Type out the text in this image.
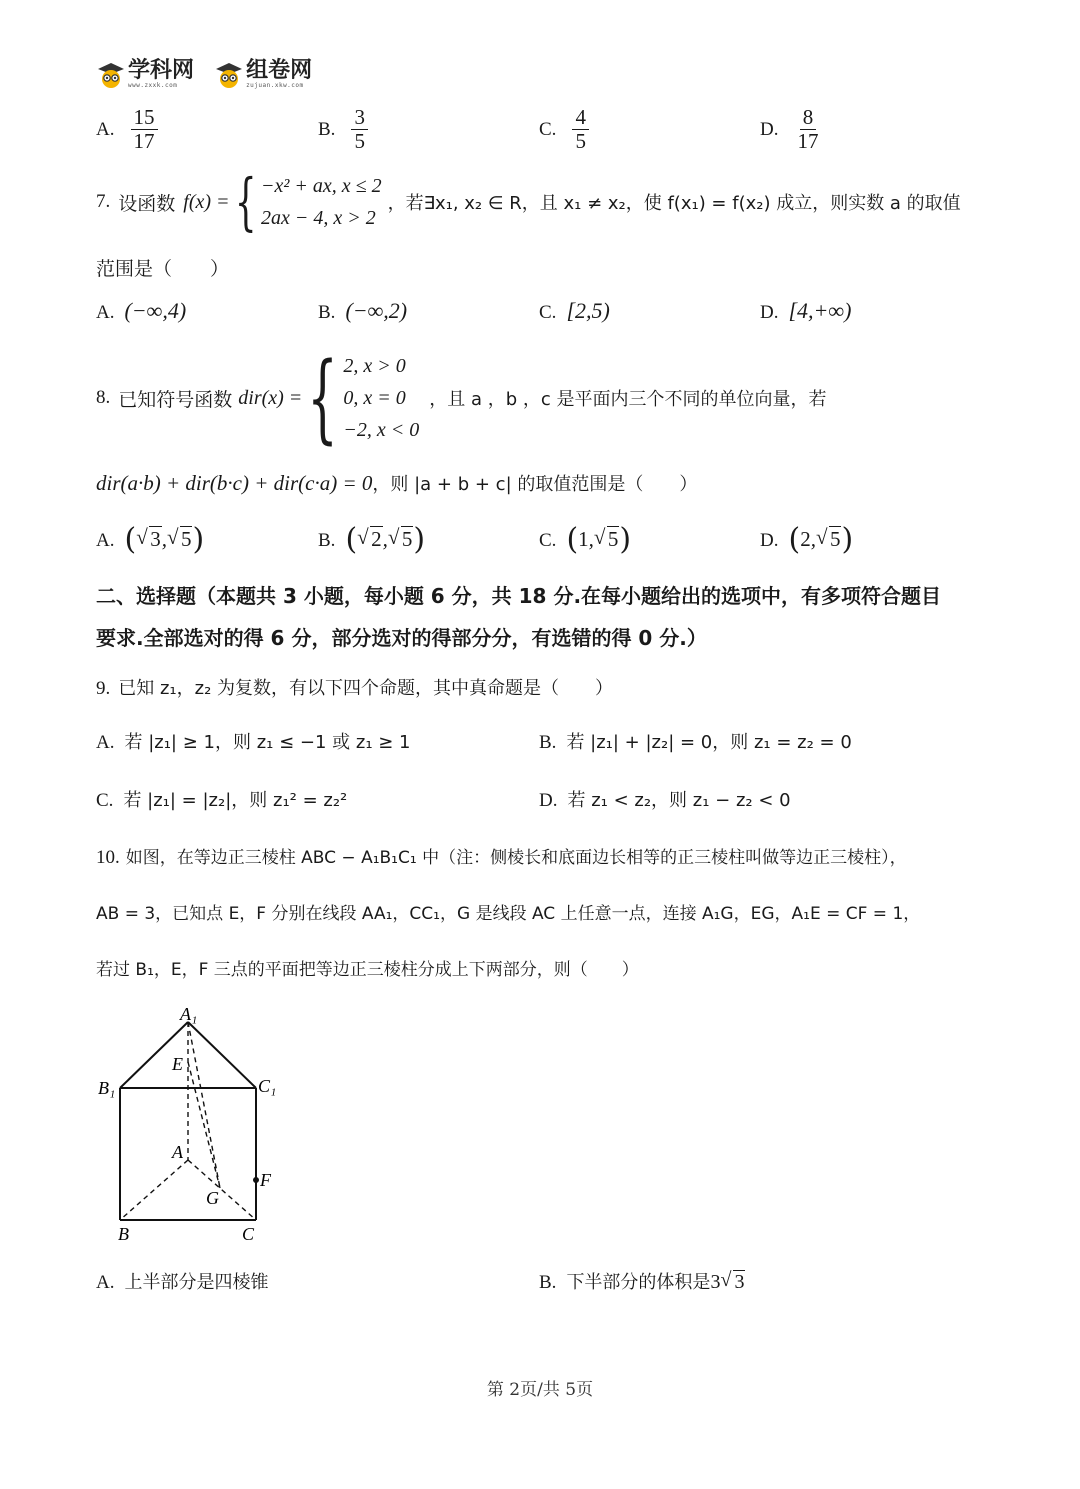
学科网
www.zxxk.com

组卷网
zujuan.xkw.com
A. $\frac{15}{17}$	B. $\frac{3}{5}$	C. $\frac{4}{5}$	D. $\frac{8}{17}$
7. 设函数 f(x) = { −x² + ax, x ≤ 2
2ax − 4, x > 2
，若∃x₁, x₂ ∈ R，且 x₁ ≠ x₂，使 f(x₁) = f(x₂) 成立，则实数 a 的取值
范围是（　　）
A. (−∞,4)	B. (−∞,2)	C. [2,5)	D. [4,+∞)
8. 已知符号函数 dir(x) = { 2, x > 0
0, x = 0
−2, x < 0
，且 a ，b ，c 是平面内三个不同的单位向量，若
dir(a·b) + dir(b·c) + dir(c·a) = 0，则 |a + b + c| 的取值范围是（　　）
A. ( √ 3, √ 5)	B. ( √ 2, √ 5)	C. (1, √ 5)	D. (2, √ 5)
二、选择题（本题共 3 小题，每小题 6 分，共 18 分.在每小题给出的选项中，有多项符合题目
要求.全部选对的得 6 分，部分选对的得部分分，有选错的得 0 分.）
9. 已知 z₁，z₂ 为复数，有以下四个命题，其中真命题是（　　）
A. 若 |z₁| ≥ 1，则 z₁ ≤ −1 或 z₁ ≥ 1	B. 若 |z₁| + |z₂| = 0，则 z₁ = z₂ = 0
C. 若 |z₁| = |z₂|，则 z₁² = z₂²	D. 若 z₁ < z₂，则 z₁ − z₂ < 0
10. 如图，在等边正三棱柱 ABC − A₁B₁C₁ 中（注：侧棱长和底面边长相等的正三棱柱叫做等边正三棱柱），
AB = 3，已知点 E，F 分别在线段 AA₁，CC₁，G 是线段 AC 上任意一点，连接 A₁G，EG，A₁E = CF = 1，
若过 B₁，E，F 三点的平面把等边正三棱柱分成上下两部分，则（　　）
A₁
B₁	C₁
E
A
F
G
B	C
A. 上半部分是四棱锥	B. 下半部分的体积是3 √ 3
第 2页/共 5页
